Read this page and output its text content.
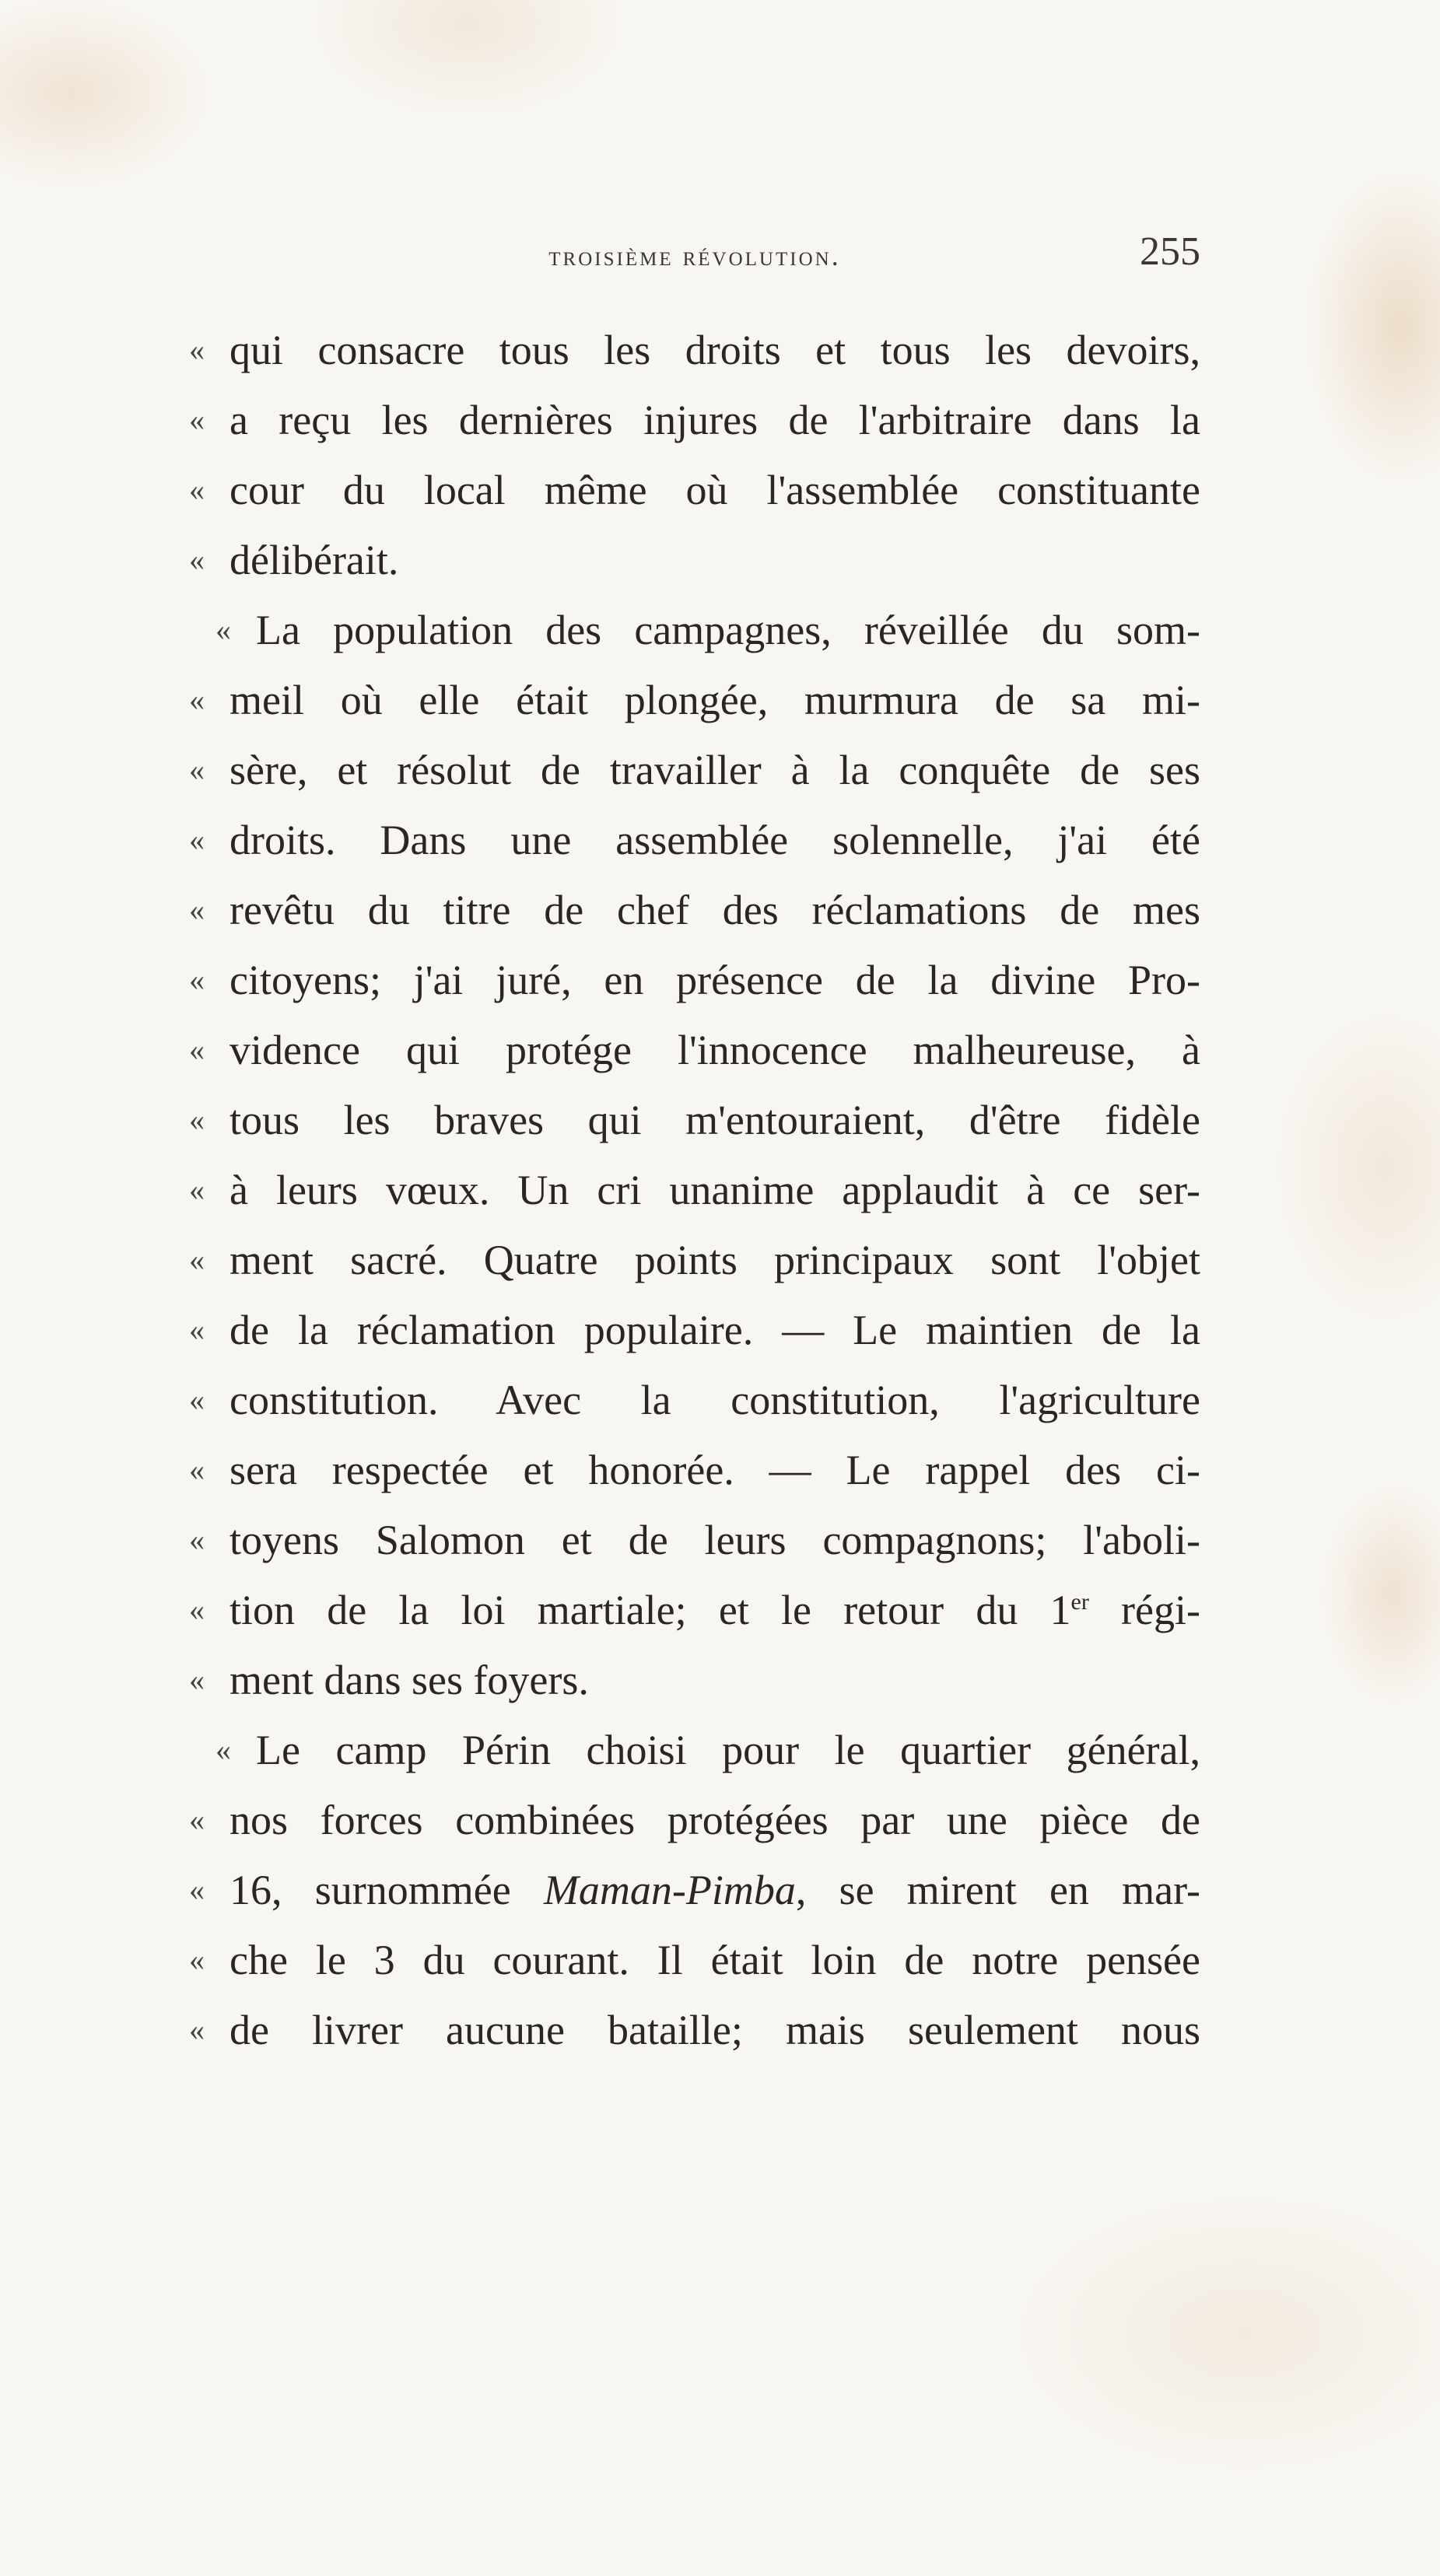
troisième révolution.	255
« qui consacre tous les droits et tous les devoirs,
« a reçu les dernières injures de l'arbitraire dans la
« cour du local même où l'assemblée constituante
« délibérait.
« La population des campagnes, réveillée du som-
« meil où elle était plongée, murmura de sa mi-
« sère, et résolut de travailler à la conquête de ses
« droits. Dans une assemblée solennelle, j'ai été
« revêtu du titre de chef des réclamations de mes
« citoyens; j'ai juré, en présence de la divine Pro-
« vidence qui protége l'innocence malheureuse, à
« tous les braves qui m'entouraient, d'être fidèle
« à leurs vœux. Un cri unanime applaudit à ce ser-
« ment sacré. Quatre points principaux sont l'objet
« de la réclamation populaire. — Le maintien de la
« constitution. Avec la constitution, l'agriculture
« sera respectée et honorée. — Le rappel des ci-
« toyens Salomon et de leurs compagnons; l'aboli-
« tion de la loi martiale; et le retour du 1er régi-
« ment dans ses foyers.
« Le camp Périn choisi pour le quartier général,
« nos forces combinées protégées par une pièce de
« 16, surnommée Maman-Pimba, se mirent en mar-
« che le 3 du courant. Il était loin de notre pensée
« de livrer aucune bataille; mais seulement nous
